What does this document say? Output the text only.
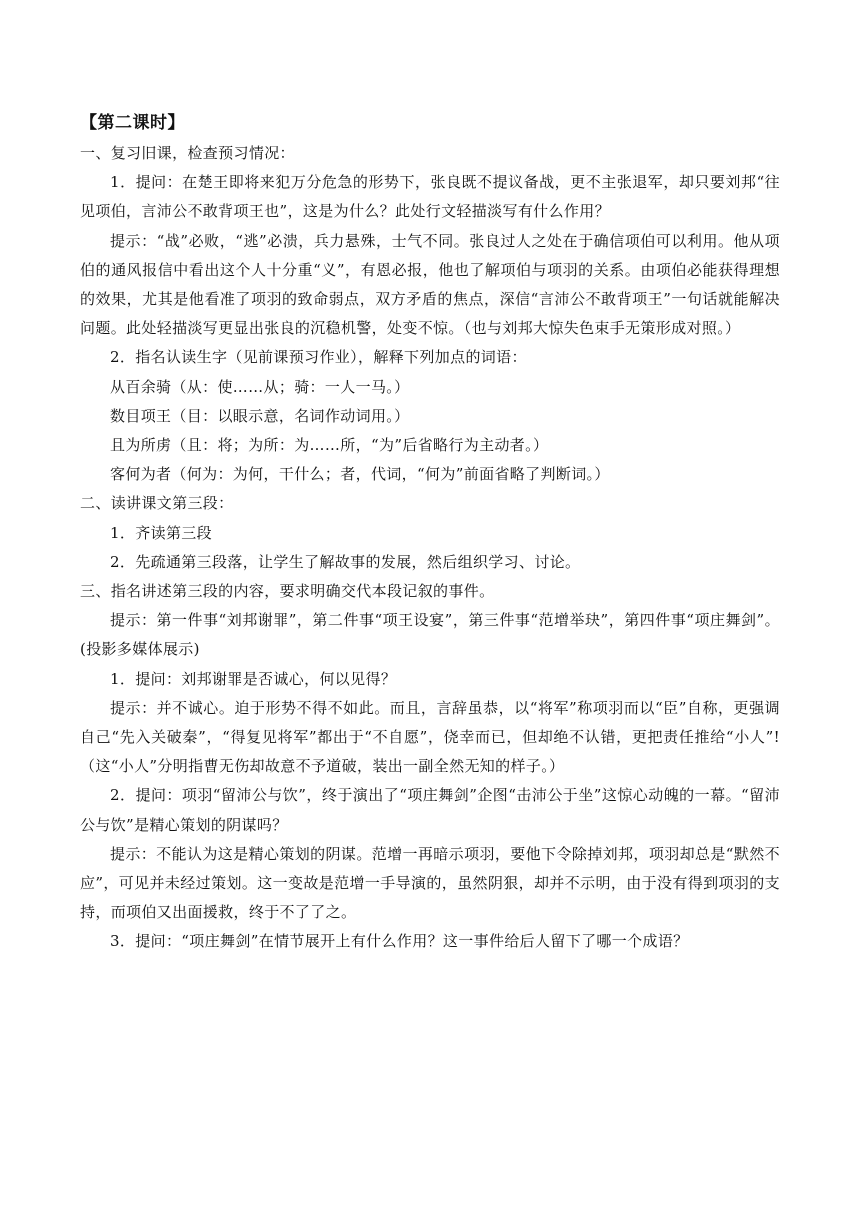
【第二课时】

一、复习旧课，检查预习情况：

1．提问：在楚王即将来犯万分危急的形势下，张良既不提议备战，更不主张退军，却只要刘邦“往见项伯，言沛公不敢背项王也”，这是为什么？此处行文轻描淡写有什么作用？

提示：“战”必败，“逃”必溃，兵力悬殊，士气不同。张良过人之处在于确信项伯可以利用。他从项伯的通风报信中看出这个人十分重“义”，有恩必报，他也了解项伯与项羽的关系。由项伯必能获得理想的效果，尤其是他看准了项羽的致命弱点，双方矛盾的焦点，深信“言沛公不敢背项王”一句话就能解决问题。此处轻描淡写更显出张良的沉稳机警，处变不惊。（也与刘邦大惊失色束手无策形成对照。）

2．指名认读生字（见前课预习作业），解释下列加点的词语：

从百余骑（从：使……从；骑：一人一马。）

数目项王（目：以眼示意，名词作动词用。）

且为所虏（且：将；为所：为……所，“为”后省略行为主动者。）

客何为者（何为：为何，干什么；者，代词，“何为”前面省略了判断词。）

二、读讲课文第三段：

1．齐读第三段

2．先疏通第三段落，让学生了解故事的发展，然后组织学习、讨论。

三、指名讲述第三段的内容，要求明确交代本段记叙的事件。

提示：第一件事“刘邦谢罪”，第二件事“项王设宴”，第三件事“范增举玦”，第四件事“项庄舞剑”。(投影多媒体展示)

1．提问：刘邦谢罪是否诚心，何以见得？

提示：并不诚心。迫于形势不得不如此。而且，言辞虽恭，以“将军”称项羽而以“臣”自称，更强调自己“先入关破秦”，“得复见将军”都出于“不自愿”，侥幸而已，但却绝不认错，更把责任推给“小人”!（这“小人”分明指曹无伤却故意不予道破，装出一副全然无知的样子。）

2．提问：项羽“留沛公与饮”，终于演出了“项庄舞剑”企图“击沛公于坐”这惊心动魄的一幕。“留沛公与饮”是精心策划的阴谋吗？

提示：不能认为这是精心策划的阴谋。范增一再暗示项羽，要他下令除掉刘邦，项羽却总是“默然不应”，可见并未经过策划。这一变故是范增一手导演的，虽然阴狠，却并不示明，由于没有得到项羽的支持，而项伯又出面援救，终于不了了之。

3．提问：“项庄舞剑”在情节展开上有什么作用？这一事件给后人留下了哪一个成语？
